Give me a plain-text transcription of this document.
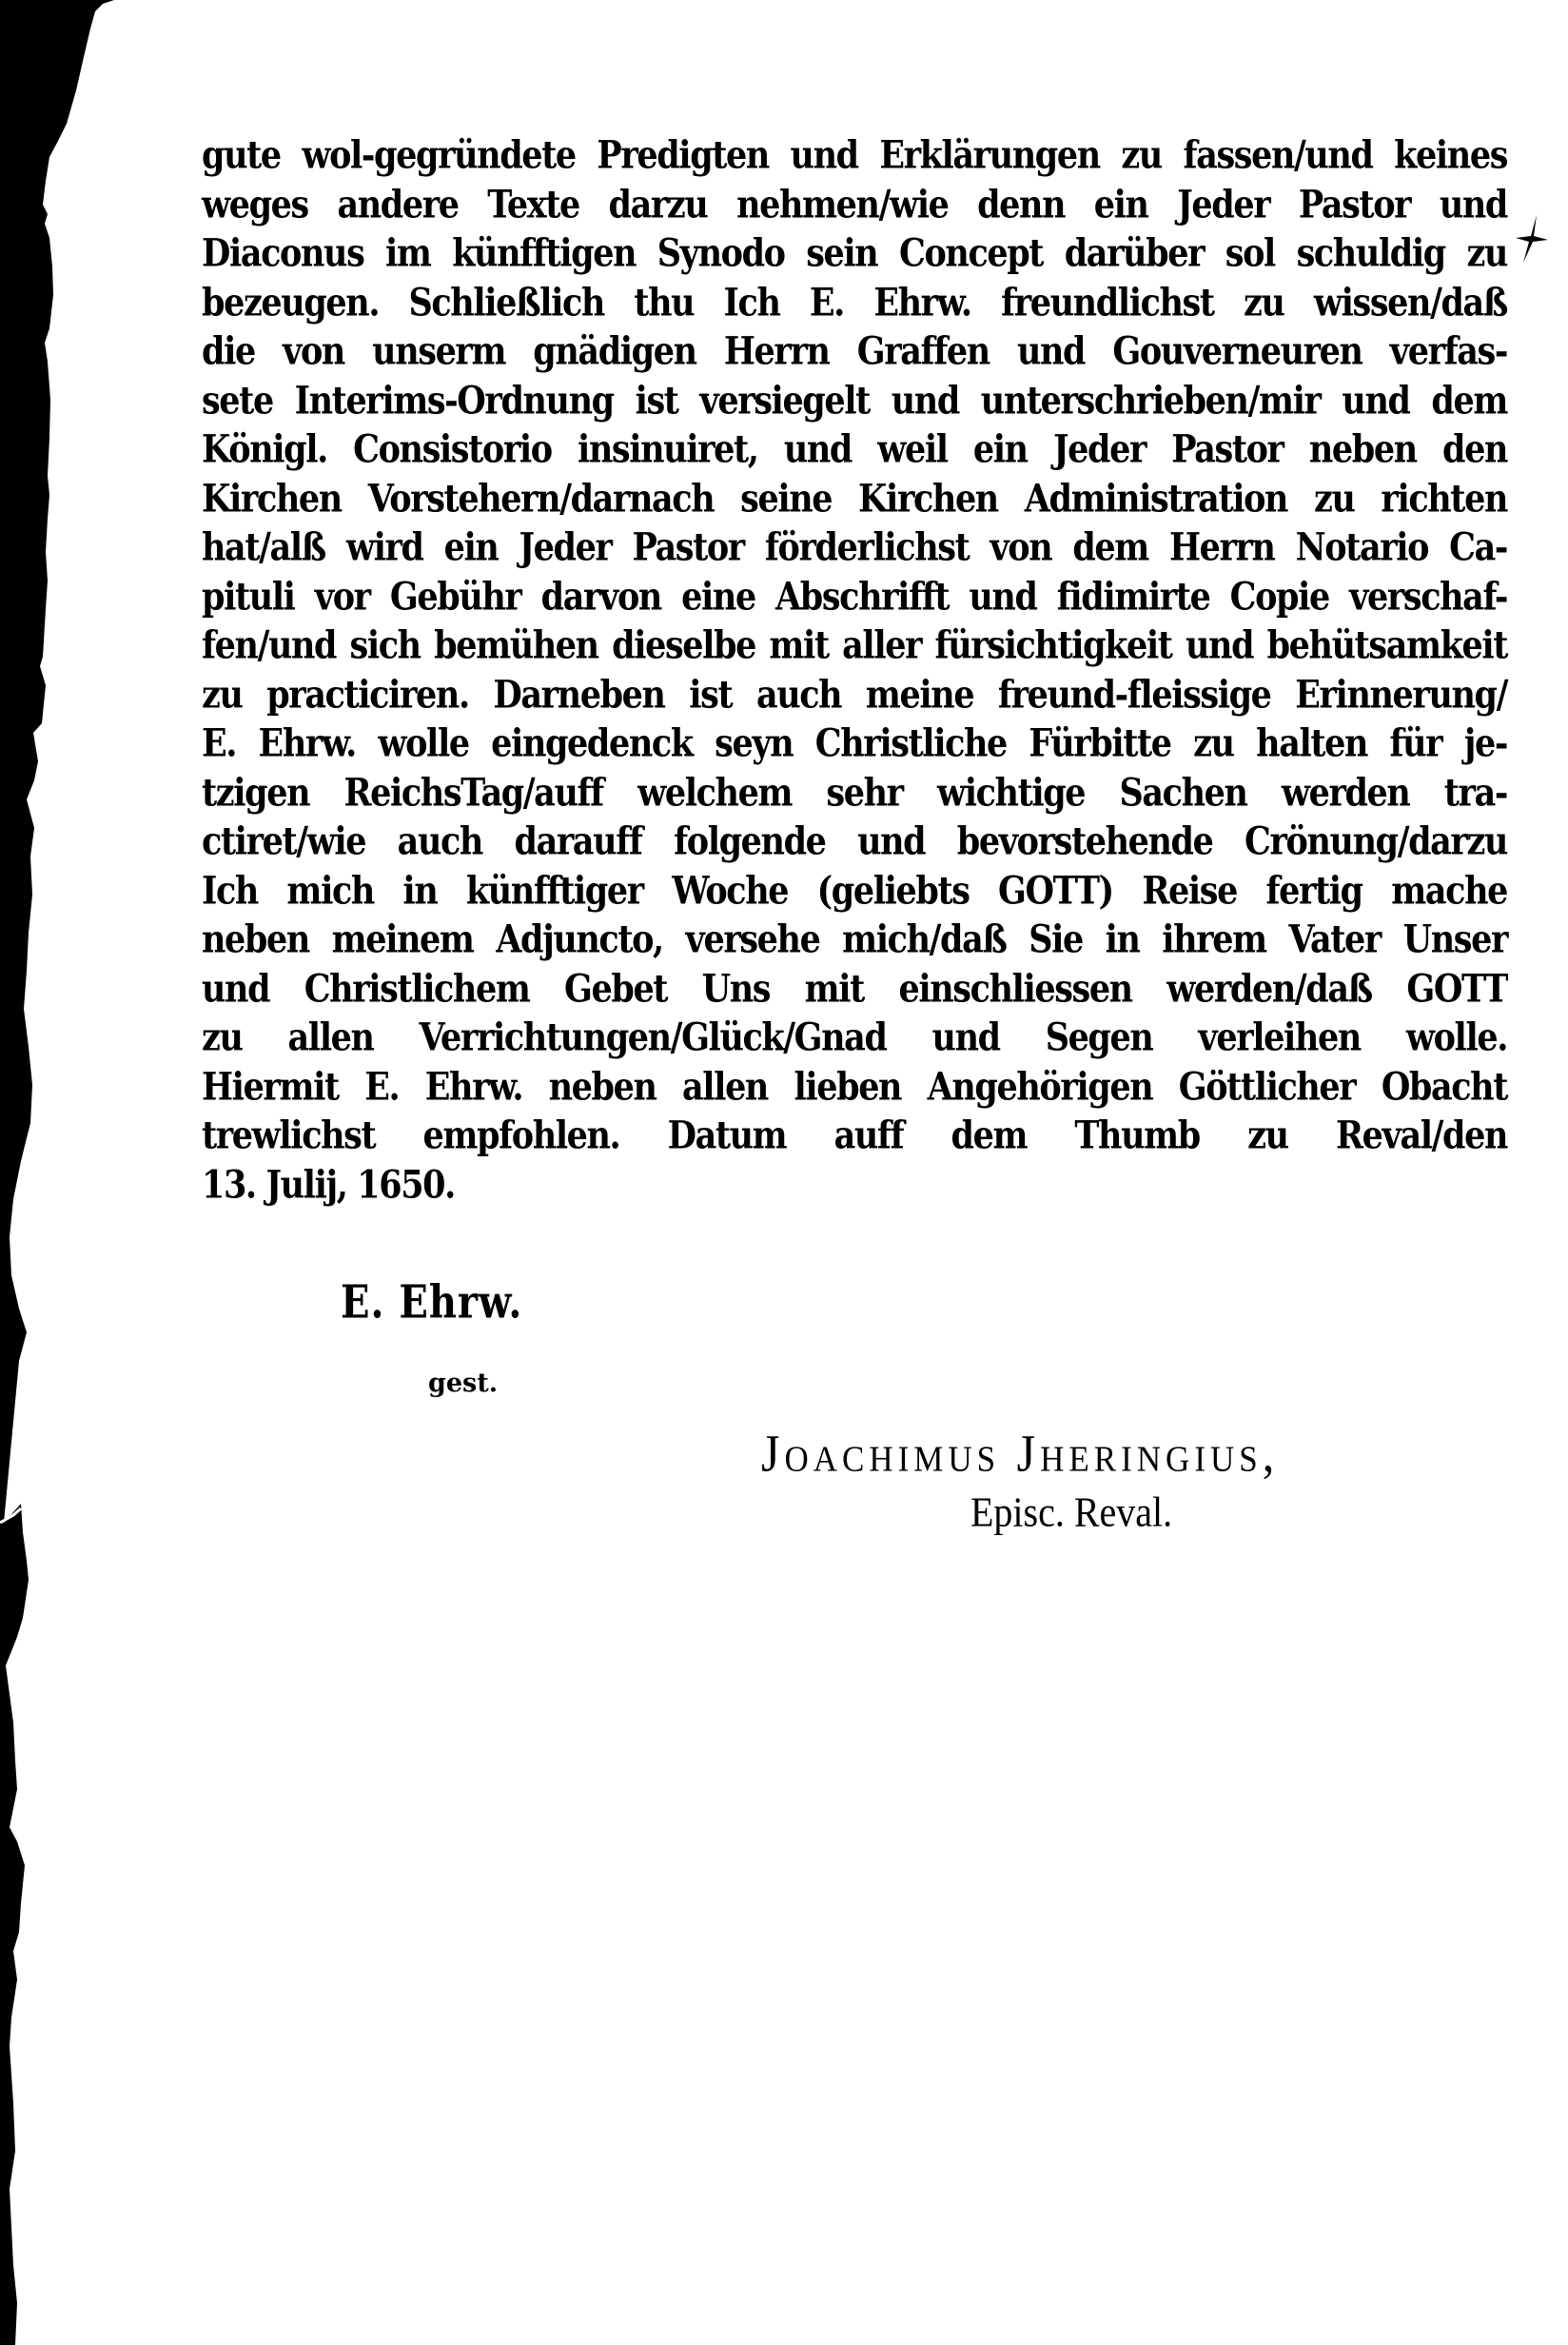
gute wol-gegründete Predigten und Erklärungen zu fassen/und keines
weges andere Texte darzu nehmen/wie denn ein Jeder Pastor und
Diaconus im künfftigen Synodo sein Concept darüber sol schuldig zu
bezeugen. Schließlich thu Ich E. Ehrw. freundlichst zu wissen/daß
die von unserm gnädigen Herrn Graffen und Gouverneuren verfas-
sete Interims-Ordnung ist versiegelt und unterschrieben/mir und dem
Königl. Consistorio insinuiret, und weil ein Jeder Pastor neben den
Kirchen Vorstehern/darnach seine Kirchen Administration zu richten
hat/alß wird ein Jeder Pastor förderlichst von dem Herrn Notario Ca-
pituli vor Gebühr darvon eine Abschrifft und fidimirte Copie verschaf-
fen/und sich bemühen dieselbe mit aller fürsichtigkeit und behütsamkeit
zu practiciren. Darneben ist auch meine freund-fleissige Erinnerung/
E. Ehrw. wolle eingedenck seyn Christliche Fürbitte zu halten für je-
tzigen ReichsTag/auff welchem sehr wichtige Sachen werden tra-
ctiret/wie auch darauff folgende und bevorstehende Crönung/darzu
Ich mich in künfftiger Woche (geliebts GOTT) Reise fertig mache
neben meinem Adjuncto, versehe mich/daß Sie in ihrem Vater Unser
und Christlichem Gebet Uns mit einschliessen werden/daß GOTT
zu allen Verrichtungen/Glück/Gnad und Segen verleihen wolle.
Hiermit E. Ehrw. neben allen lieben Angehörigen Göttlicher Obacht
trewlichst empfohlen. Datum auff dem Thumb zu Reval/den
13. Julij, 1650.
E. Ehrw.
gest.
Joachimus Jheringius,
Episc. Reval.
